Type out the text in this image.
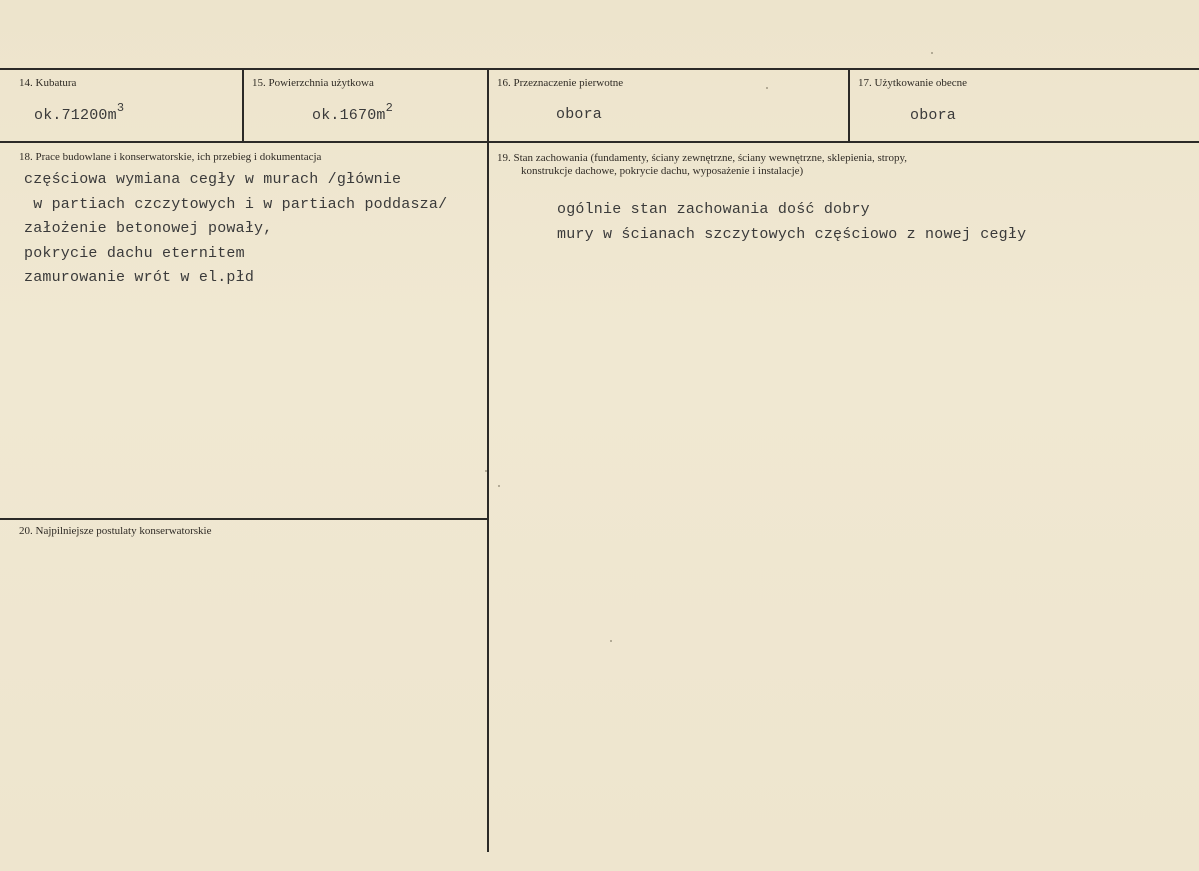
14. Kubatura
$ok.71200m^3$
15. Powierzchnia użytkowa
$ok.1670m^2$
16. Przeznaczenie pierwotne
obora
17. Użytkowanie obecne
obora
18. Prace budowlane i konserwatorskie, ich przebieg i dokumentacja
częściowa wymiana cegły w murach /głównie
w partiach czczytowych i w partiach poddasza/
założenie betonowej powały,
pokrycie dachu eternitem
zamurowanie wrót w el.płd
19. Stan zachowania (fundamenty, ściany zewnętrzne, ściany wewnętrzne, sklepienia, stropy,
konstrukcje dachowe, pokrycie dachu, wyposażenie i instalacje)
ogólnie stan zachowania dość dobry
mury w ścianach szczytowych częściowo z nowej cegły
20. Najpilniejsze postulaty konserwatorskie
